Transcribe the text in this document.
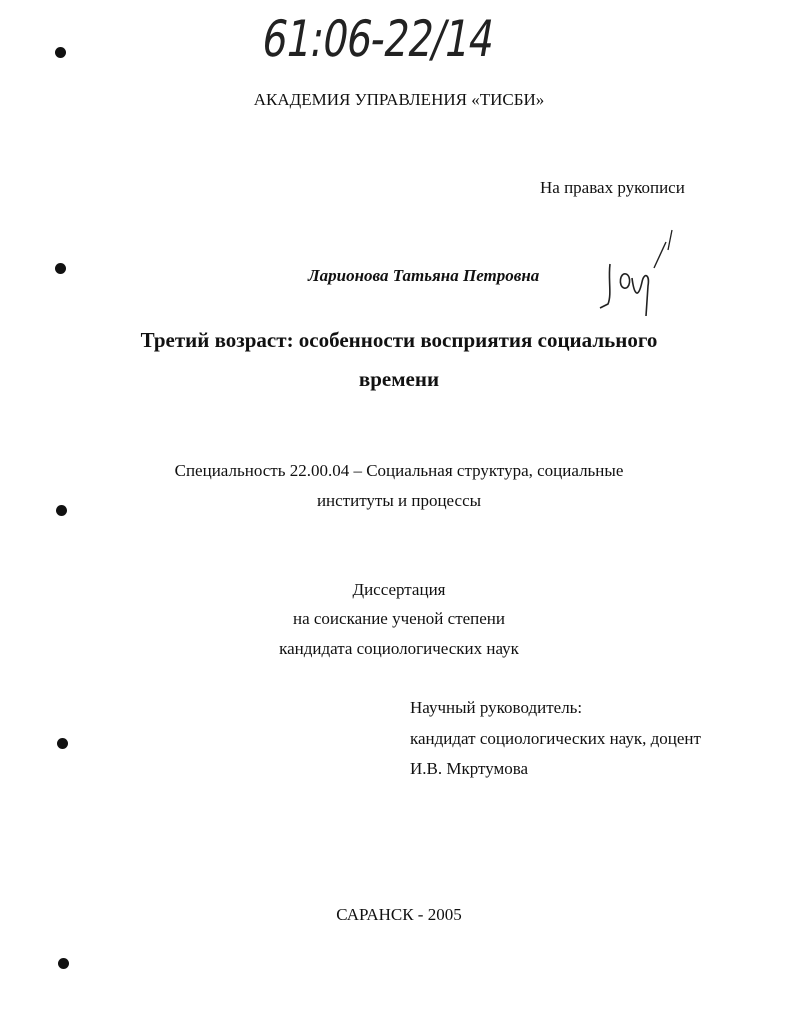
61:06-22/14
АКАДЕМИЯ УПРАВЛЕНИЯ «ТИСБИ»
На правах рукописи
Ларионова Татьяна Петровна
Третий возраст: особенности восприятия социального
времени
Специальность 22.00.04 – Социальная структура, социальные
институты и процессы
Диссертация
на соискание ученой степени
кандидата социологических наук
Научный руководитель:
кандидат социологических наук, доцент
И.В. Мкртумова
САРАНСК - 2005
